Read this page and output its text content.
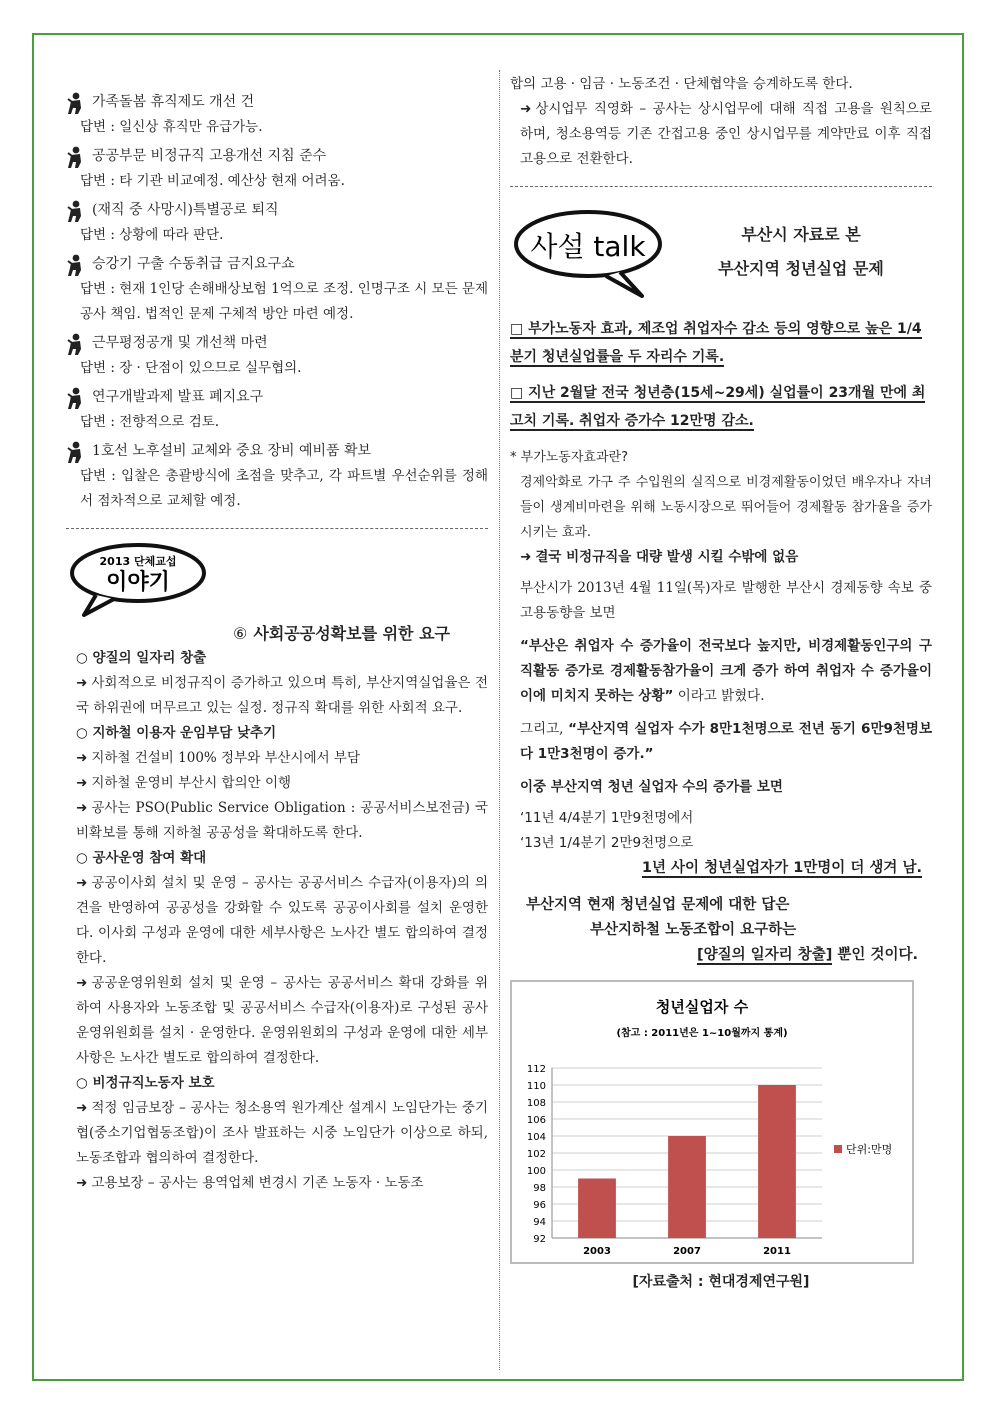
가족돌봄 휴직제도 개선 건
답변 : 일신상 휴직만 유급가능.
공공부문 비정규직 고용개선 지침 준수
답변 : 타 기관 비교예정. 예산상 현재 어려움.
(재직 중 사망시)특별공로 퇴직
답변 : 상황에 따라 판단.
승강기 구출 수동취급 금지요구쇼
답변 : 현재 1인당 손해배상보험 1억으로 조정. 인명구조 시 모든 문제 공사 책임. 법적인 문제 구체적 방안 마련 예정.
근무평정공개 및 개선책 마련
답변 : 장 · 단점이 있으므로 실무협의.
연구개발과제 발표 폐지요구
답변 : 전향적으로 검토.
1호선 노후설비 교체와 중요 장비 예비품 확보
답변 : 입찰은 총괄방식에 초점을 맞추고, 각 파트별 우선순위를 정해서 점차적으로 교체할 예정.
2013 단체교섭
이야기
⑥ 사회공공성확보를 위한 요구
○ 양질의 일자리 창출
➜ 사회적으로 비정규직이 증가하고 있으며 특히, 부산지역실업율은 전국 하위권에 머무르고 있는 실정. 정규직 확대를 위한 사회적 요구.
○ 지하철 이용자 운임부담 낮추기
➜ 지하철 건설비 100% 정부와 부산시에서 부담
➜ 지하철 운영비 부산시 합의안 이행
➜ 공사는 PSO(Public Service Obligation : 공공서비스보전금) 국비확보를 통해 지하철 공공성을 확대하도록 한다.
○ 공사운영 참여 확대
➜ 공공이사회 설치 및 운영 – 공사는 공공서비스 수급자(이용자)의 의견을 반영하여 공공성을 강화할 수 있도록 공공이사회를 설치 운영한다. 이사회 구성과 운영에 대한 세부사항은 노사간 별도 합의하여 결정한다.
➜ 공공운영위원회 설치 및 운영 – 공사는 공공서비스 확대 강화를 위하여 사용자와 노동조합 및 공공서비스 수급자(이용자)로 구성된 공사운영위원회를 설치 · 운영한다. 운영위원회의 구성과 운영에 대한 세부사항은 노사간 별도로 합의하여 결정한다.
○ 비정규직노동자 보호
➜ 적정 임금보장 – 공사는 청소용역 원가계산 설계시 노임단가는 중기협(중소기업협동조합)이 조사 발표하는 시중 노임단가 이상으로 하되, 노동조합과 협의하여 결정한다.
➜ 고용보장 – 공사는 용역업체 변경시 기존 노동자 · 노동조
합의 고용 · 임금 · 노동조건 · 단체협약을 승계하도록 한다.
➜ 상시업무 직영화 – 공사는 상시업무에 대해 직접 고용을 원칙으로 하며, 청소용역등 기존 간접고용 중인 상시업무를 계약만료 이후 직접고용으로 전환한다.
사설 talk	부산시 자료로 본
부산지역 청년실업 문제
□ 부가노동자 효과, 제조업 취업자수 감소 등의 영향으로 높은 1/4분기 청년실업률을 두 자리수 기록.
□ 지난 2월달 전국 청년층(15세~29세) 실업률이 23개월 만에 최고치 기록. 취업자 증가수 12만명 감소.
* 부가노동자효과란?
경제악화로 가구 주 수입원의 실직으로 비경제활동이었던 배우자나 자녀들이 생계비마련을 위해 노동시장으로 뛰어들어 경제활동 참가율을 증가시키는 효과.
➜ 결국 비정규직을 대량 발생 시킬 수밖에 없음
부산시가 2013년 4월 11일(목)자로 발행한 부산시 경제동향 속보 중 고용동향을 보면
“부산은 취업자 수 증가율이 전국보다 높지만, 비경제활동인구의 구직활동 증가로 경제활동참가율이 크게 증가 하여 취업자 수 증가율이 이에 미치지 못하는 상황” 이라고 밝혔다.
그리고, “부산지역 실업자 수가 8만1천명으로 전년 동기 6만9천명보다 1만3천명이 증가.”
이중 부산지역 청년 실업자 수의 증가를 보면
‘11년 4/4분기 1만9천명에서
‘13년 1/4분기 2만9천명으로
1년 사이 청년실업자가 1만명이 더 생겨 남.
부산지역 현재 청년실업 문제에 대한 답은
부산지하철 노동조합이 요구하는
[양질의 일자리 창출] 뿐인 것이다.
청년실업자 수
(참고 : 2011년은 1~10월까지 통계)
92
94
96
98
100
102
104
106
108
110
112
2003	2007	2011
단위:만명
[자료출처 : 현대경제연구원]
